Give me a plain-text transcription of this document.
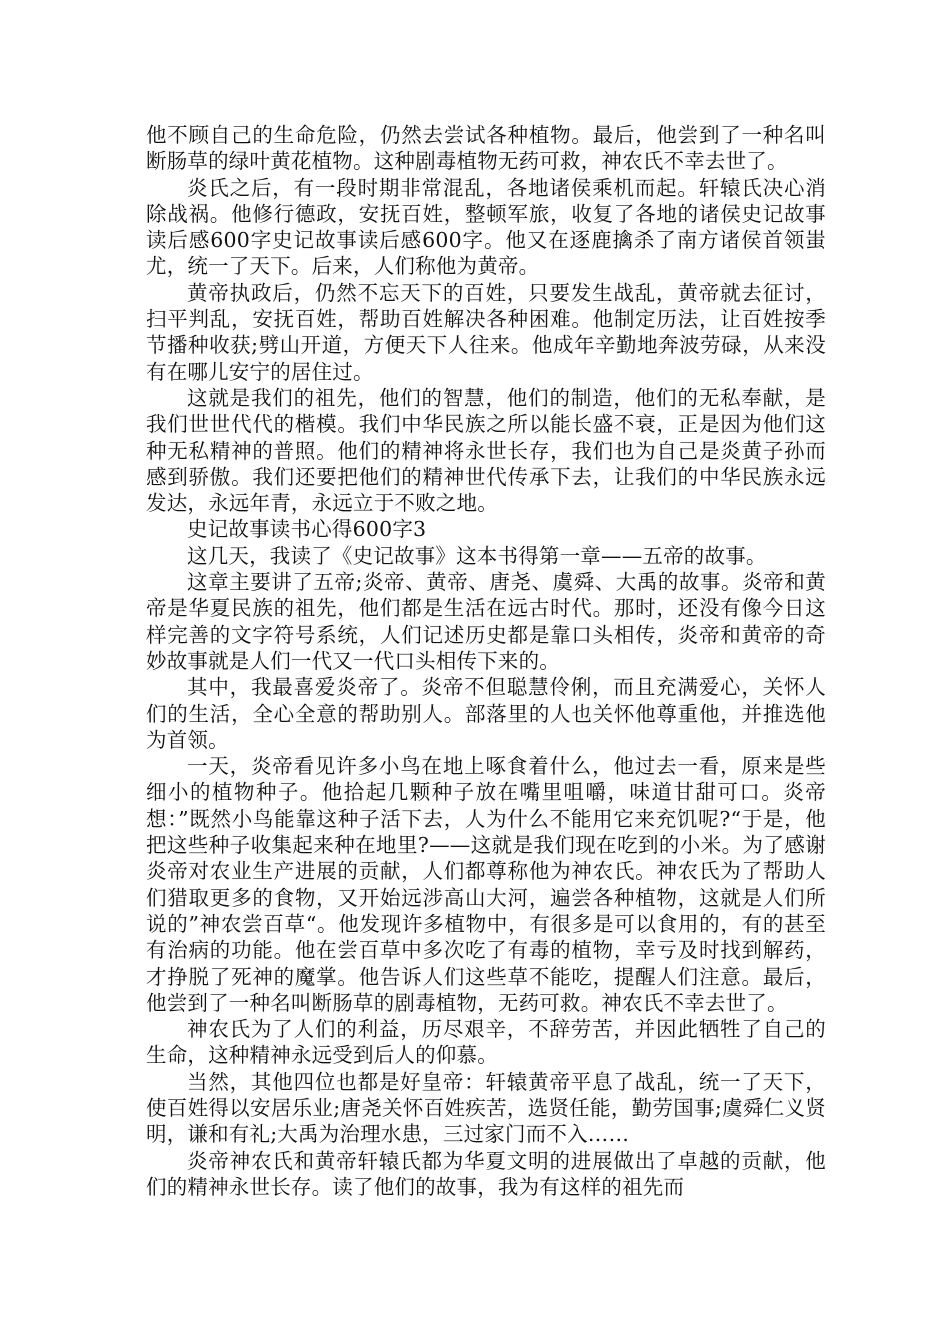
他不顾自己的生命危险，仍然去尝试各种植物。最后，他尝到了一种名叫断肠草的绿叶黄花植物。这种剧毒植物无药可救，神农氏不幸去世了。

炎氏之后，有一段时期非常混乱，各地诸侯乘机而起。轩辕氏决心消除战祸。他修行德政，安抚百姓，整顿军旅，收复了各地的诸侯史记故事读后感600字史记故事读后感600字。他又在逐鹿擒杀了南方诸侯首领蚩尤，统一了天下。后来，人们称他为黄帝。

黄帝执政后，仍然不忘天下的百姓，只要发生战乱，黄帝就去征讨，扫平判乱，安抚百姓，帮助百姓解决各种困难。他制定历法，让百姓按季节播种收获;劈山开道，方便天下人往来。他成年辛勤地奔波劳碌，从来没有在哪儿安宁的居住过。

这就是我们的祖先，他们的智慧，他们的制造，他们的无私奉献，是我们世世代代的楷模。我们中华民族之所以能长盛不衰，正是因为他们这种无私精神的普照。他们的精神将永世长存，我们也为自己是炎黄子孙而感到骄傲。我们还要把他们的精神世代传承下去，让我们的中华民族永远发达，永远年青，永远立于不败之地。

史记故事读书心得600字3

这几天，我读了《史记故事》这本书得第一章——五帝的故事。

这章主要讲了五帝;炎帝、黄帝、唐尧、虞舜、大禹的故事。炎帝和黄帝是华夏民族的祖先，他们都是生活在远古时代。那时，还没有像今日这样完善的文字符号系统，人们记述历史都是靠口头相传，炎帝和黄帝的奇妙故事就是人们一代又一代口头相传下来的。

其中，我最喜爱炎帝了。炎帝不但聪慧伶俐，而且充满爱心，关怀人们的生活，全心全意的帮助别人。部落里的人也关怀他尊重他，并推选他为首领。

一天，炎帝看见许多小鸟在地上啄食着什么，他过去一看，原来是些细小的植物种子。他拾起几颗种子放在嘴里咀嚼，味道甘甜可口。炎帝想：”既然小鸟能靠这种子活下去，人为什么不能用它来充饥呢?“于是，他把这些种子收集起来种在地里?——这就是我们现在吃到的小米。为了感谢炎帝对农业生产进展的贡献，人们都尊称他为神农氏。神农氏为了帮助人们猎取更多的食物，又开始远涉高山大河，遍尝各种植物，这就是人们所说的”神农尝百草“。他发现许多植物中，有很多是可以食用的，有的甚至有治病的功能。他在尝百草中多次吃了有毒的植物，幸亏及时找到解药，才挣脱了死神的魔掌。他告诉人们这些草不能吃，提醒人们注意。最后，他尝到了一种名叫断肠草的剧毒植物，无药可救。神农氏不幸去世了。

神农氏为了人们的利益，历尽艰辛，不辞劳苦，并因此牺牲了自己的生命，这种精神永远受到后人的仰慕。

当然，其他四位也都是好皇帝：轩辕黄帝平息了战乱，统一了天下，使百姓得以安居乐业;唐尧关怀百姓疾苦，选贤任能，勤劳国事;虞舜仁义贤明，谦和有礼;大禹为治理水患，三过家门而不入……

炎帝神农氏和黄帝轩辕氏都为华夏文明的进展做出了卓越的贡献，他们的精神永世长存。读了他们的故事，我为有这样的祖先而
